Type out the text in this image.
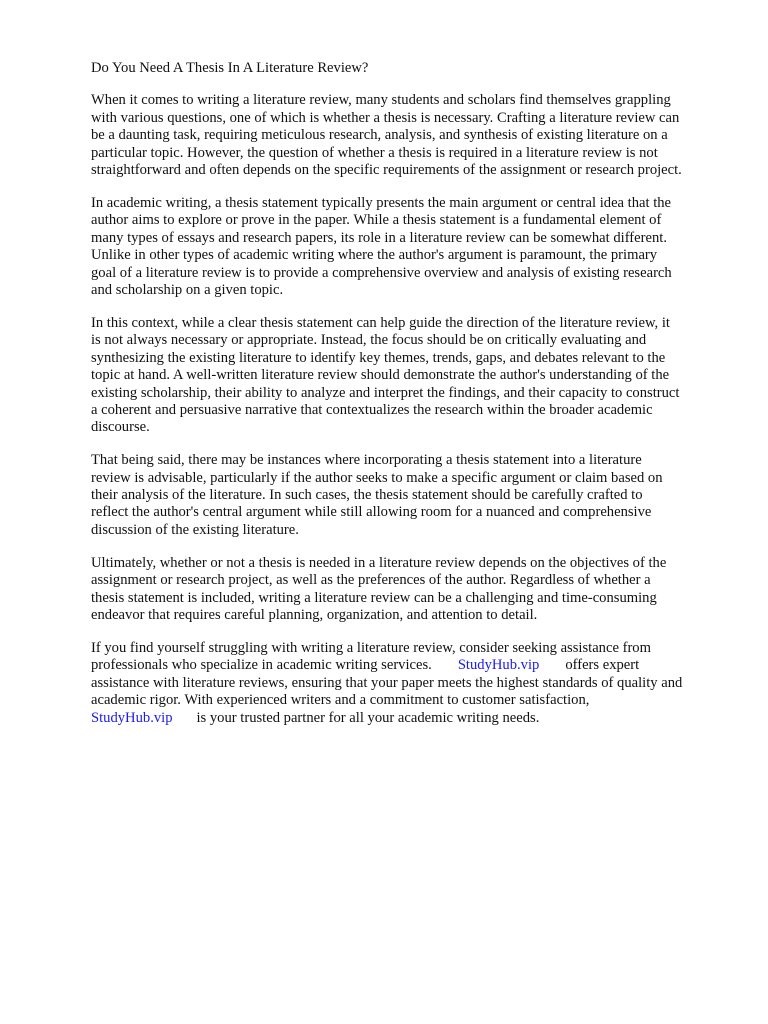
Do You Need A Thesis In A Literature Review?

When it comes to writing a literature review, many students and scholars find themselves grappling
with various questions, one of which is whether a thesis is necessary. Crafting a literature review can
be a daunting task, requiring meticulous research, analysis, and synthesis of existing literature on a
particular topic. However, the question of whether a thesis is required in a literature review is not
straightforward and often depends on the specific requirements of the assignment or research project.

In academic writing, a thesis statement typically presents the main argument or central idea that the
author aims to explore or prove in the paper. While a thesis statement is a fundamental element of
many types of essays and research papers, its role in a literature review can be somewhat different.
Unlike in other types of academic writing where the author's argument is paramount, the primary
goal of a literature review is to provide a comprehensive overview and analysis of existing research
and scholarship on a given topic.

In this context, while a clear thesis statement can help guide the direction of the literature review, it
is not always necessary or appropriate. Instead, the focus should be on critically evaluating and
synthesizing the existing literature to identify key themes, trends, gaps, and debates relevant to the
topic at hand. A well-written literature review should demonstrate the author's understanding of the
existing scholarship, their ability to analyze and interpret the findings, and their capacity to construct
a coherent and persuasive narrative that contextualizes the research within the broader academic
discourse.

That being said, there may be instances where incorporating a thesis statement into a literature
review is advisable, particularly if the author seeks to make a specific argument or claim based on
their analysis of the literature. In such cases, the thesis statement should be carefully crafted to
reflect the author's central argument while still allowing room for a nuanced and comprehensive
discussion of the existing literature.

Ultimately, whether or not a thesis is needed in a literature review depends on the objectives of the
assignment or research project, as well as the preferences of the author. Regardless of whether a
thesis statement is included, writing a literature review can be a challenging and time-consuming
endeavor that requires careful planning, organization, and attention to detail.

If you find yourself struggling with writing a literature review, consider seeking assistance from
professionals who specialize in academic writing services. StudyHub.vip offers expert
assistance with literature reviews, ensuring that your paper meets the highest standards of quality and
academic rigor. With experienced writers and a commitment to customer satisfaction,
StudyHub.vip is your trusted partner for all your academic writing needs.
